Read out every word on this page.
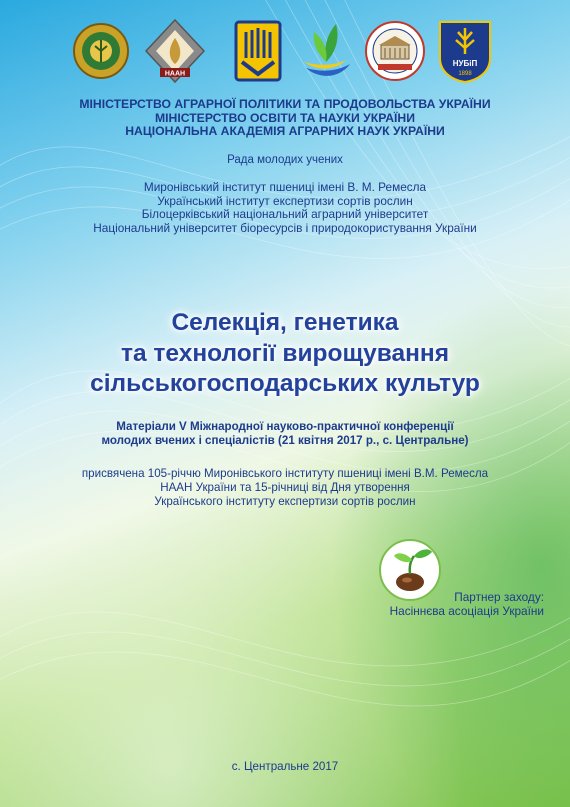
НААН
НУБіП
1898
МІНІСТЕРСТВО АГРАРНОЇ ПОЛІТИКИ ТА ПРОДОВОЛЬСТВА УКРАЇНИ
МІНІСТЕРСТВО ОСВІТИ ТА НАУКИ УКРАЇНИ
НАЦІОНАЛЬНА АКАДЕМІЯ АГРАРНИХ НАУК УКРАЇНИ
Рада молодих учених
Миронівський інститут пшениці імені В. М. Ремесла
Український інститут експертизи сортів рослин
Білоцерківський національний аграрний університет
Національний університет біоресурсів і природокористування України
Селекція, генетика
та технології вирощування
сільськогосподарських культур
Матеріали V Міжнародної науково-практичної конференції
молодих вчених і спеціалістів (21 квітня 2017 р., с. Центральне)
присвячена 105-річчю Миронівського інституту пшениці імені В.М. Ремесла
НААН України та 15-річниці від Дня утворення
Українського інституту експертизи сортів рослин
Партнер заходу:
Насіннєва асоціація України
с. Центральне 2017
